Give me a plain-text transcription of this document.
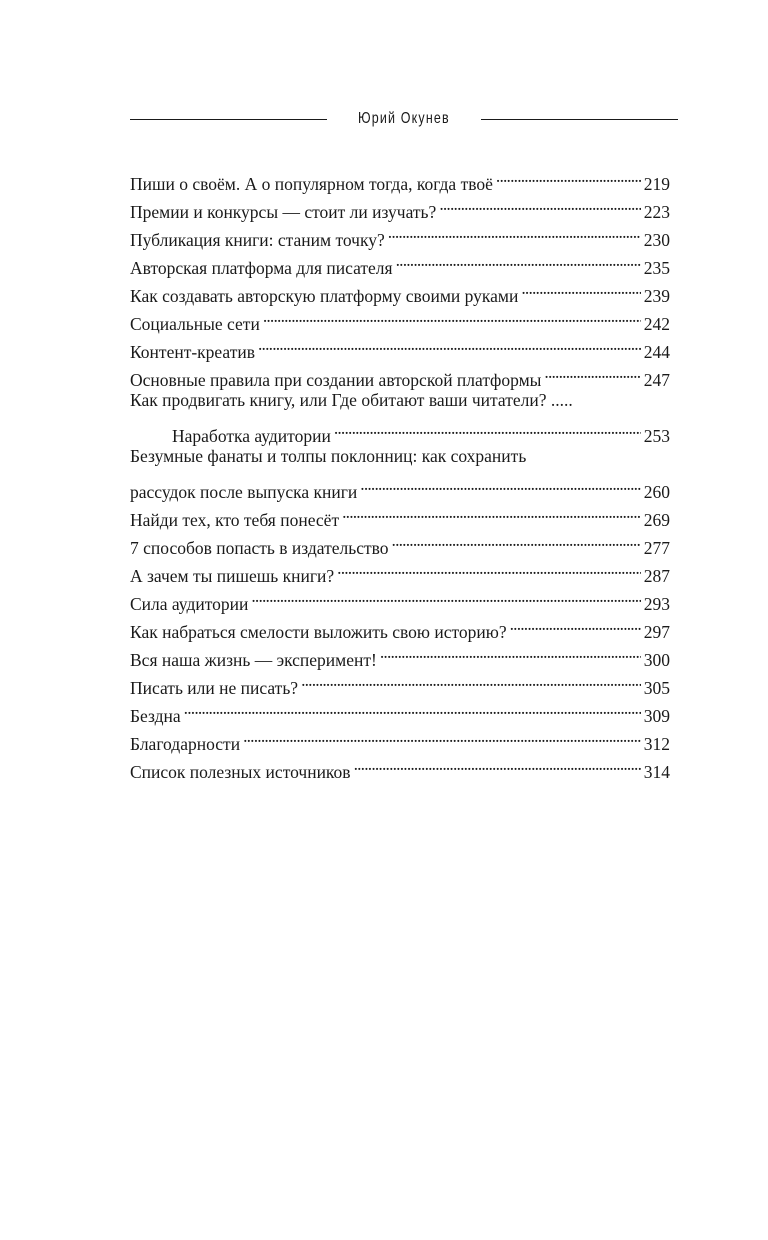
Юрий Окунев
Пиши о своём. А о популярном тогда, когда твоё . . .	219
Премии и конкурсы — стоит ли изучать? . . .	223
Публикация книги: станим точку? . . .	230
Авторская платформа для писателя . . .	235
Как создавать авторскую платформу своими руками . . .	239
Социальные сети . . .	242
Контент-креатив . . .	244
Основные правила при создании авторской платформы . . .	247
Как продвигать книгу, или Где обитают ваши читатели? .....
Наработка аудитории . . .	253
Безумные фанаты и толпы поклонниц: как сохранить
рассудок после выпуска книги . . .	260
Найди тех, кто тебя понесёт . . .	269
7 способов попасть в издательство . . .	277
А зачем ты пишешь книги? . . .	287
Сила аудитории . . .	293
Как набраться смелости выложить свою историю? . . .	297
Вся наша жизнь — эксперимент! . . .	300
Писать или не писать? . . .	305
Бездна . . .	309
Благодарности . . .	312
Список полезных источников . . .	314
